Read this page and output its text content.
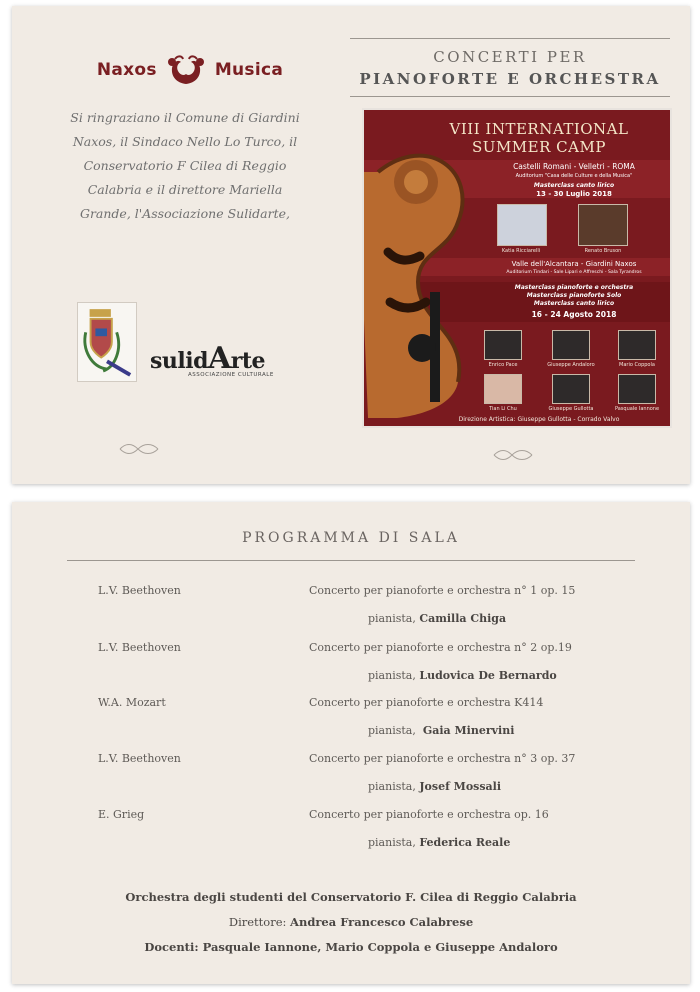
Naxos	Lo Musica

Si ringraziano il Comune di Giardini

Naxos, il Sindaco Nello Lo Turco, il

Conservatorio F Cilea di Reggio

Calabria e il direttore Mariella

Grande, l'Associazione Sulidarte,

sulidArte
ASSOCIAZIONE CULTURALE
CONCERTI PER
PIANOFORTE E ORCHESTRA
VIII INTERNATIONAL
SUMMER CAMP
Castelli Romani - Velletri - ROMA
Auditorium "Casa delle Culture e della Musica"
Masterclass canto lirico
13 - 30 Luglio 2018
Katia Ricciarelli	Renato Bruson
Valle dell'Alcantara - Giardini Naxos
Auditorium Tindari - Sale Lipari e Affreschi - Sala Tyrandros
Masterclass pianoforte e orchestra
Masterclass pianoforte Solo
Masterclass canto lirico
16 - 24 Agosto 2018
Enrico Pace	Giuseppe Andaloro	Mario Coppola
Tian Li Chu	Giuseppe Gullotta	Pasquale Iannone
Direzione Artistica: Giuseppe Gullotta - Corrado Valvo
PROGRAMMA DI SALA
L.V. Beethoven	Concerto per pianoforte e orchestra n° 1 op. 15
pianista, Camilla Chiga
L.V. Beethoven	Concerto per pianoforte e orchestra n° 2 op.19
pianista, Ludovica De Bernardo
W.A. Mozart	Concerto per pianoforte e orchestra K414
pianista, Gaia Minervini
L.V. Beethoven	Concerto per pianoforte e orchestra n° 3 op. 37
pianista, Josef Mossali
E. Grieg	Concerto per pianoforte e orchestra op. 16
pianista, Federica Reale
Orchestra degli studenti del Conservatorio F. Cilea di Reggio Calabria
Direttore: Andrea Francesco Calabrese
Docenti: Pasquale Iannone, Mario Coppola e Giuseppe Andaloro
